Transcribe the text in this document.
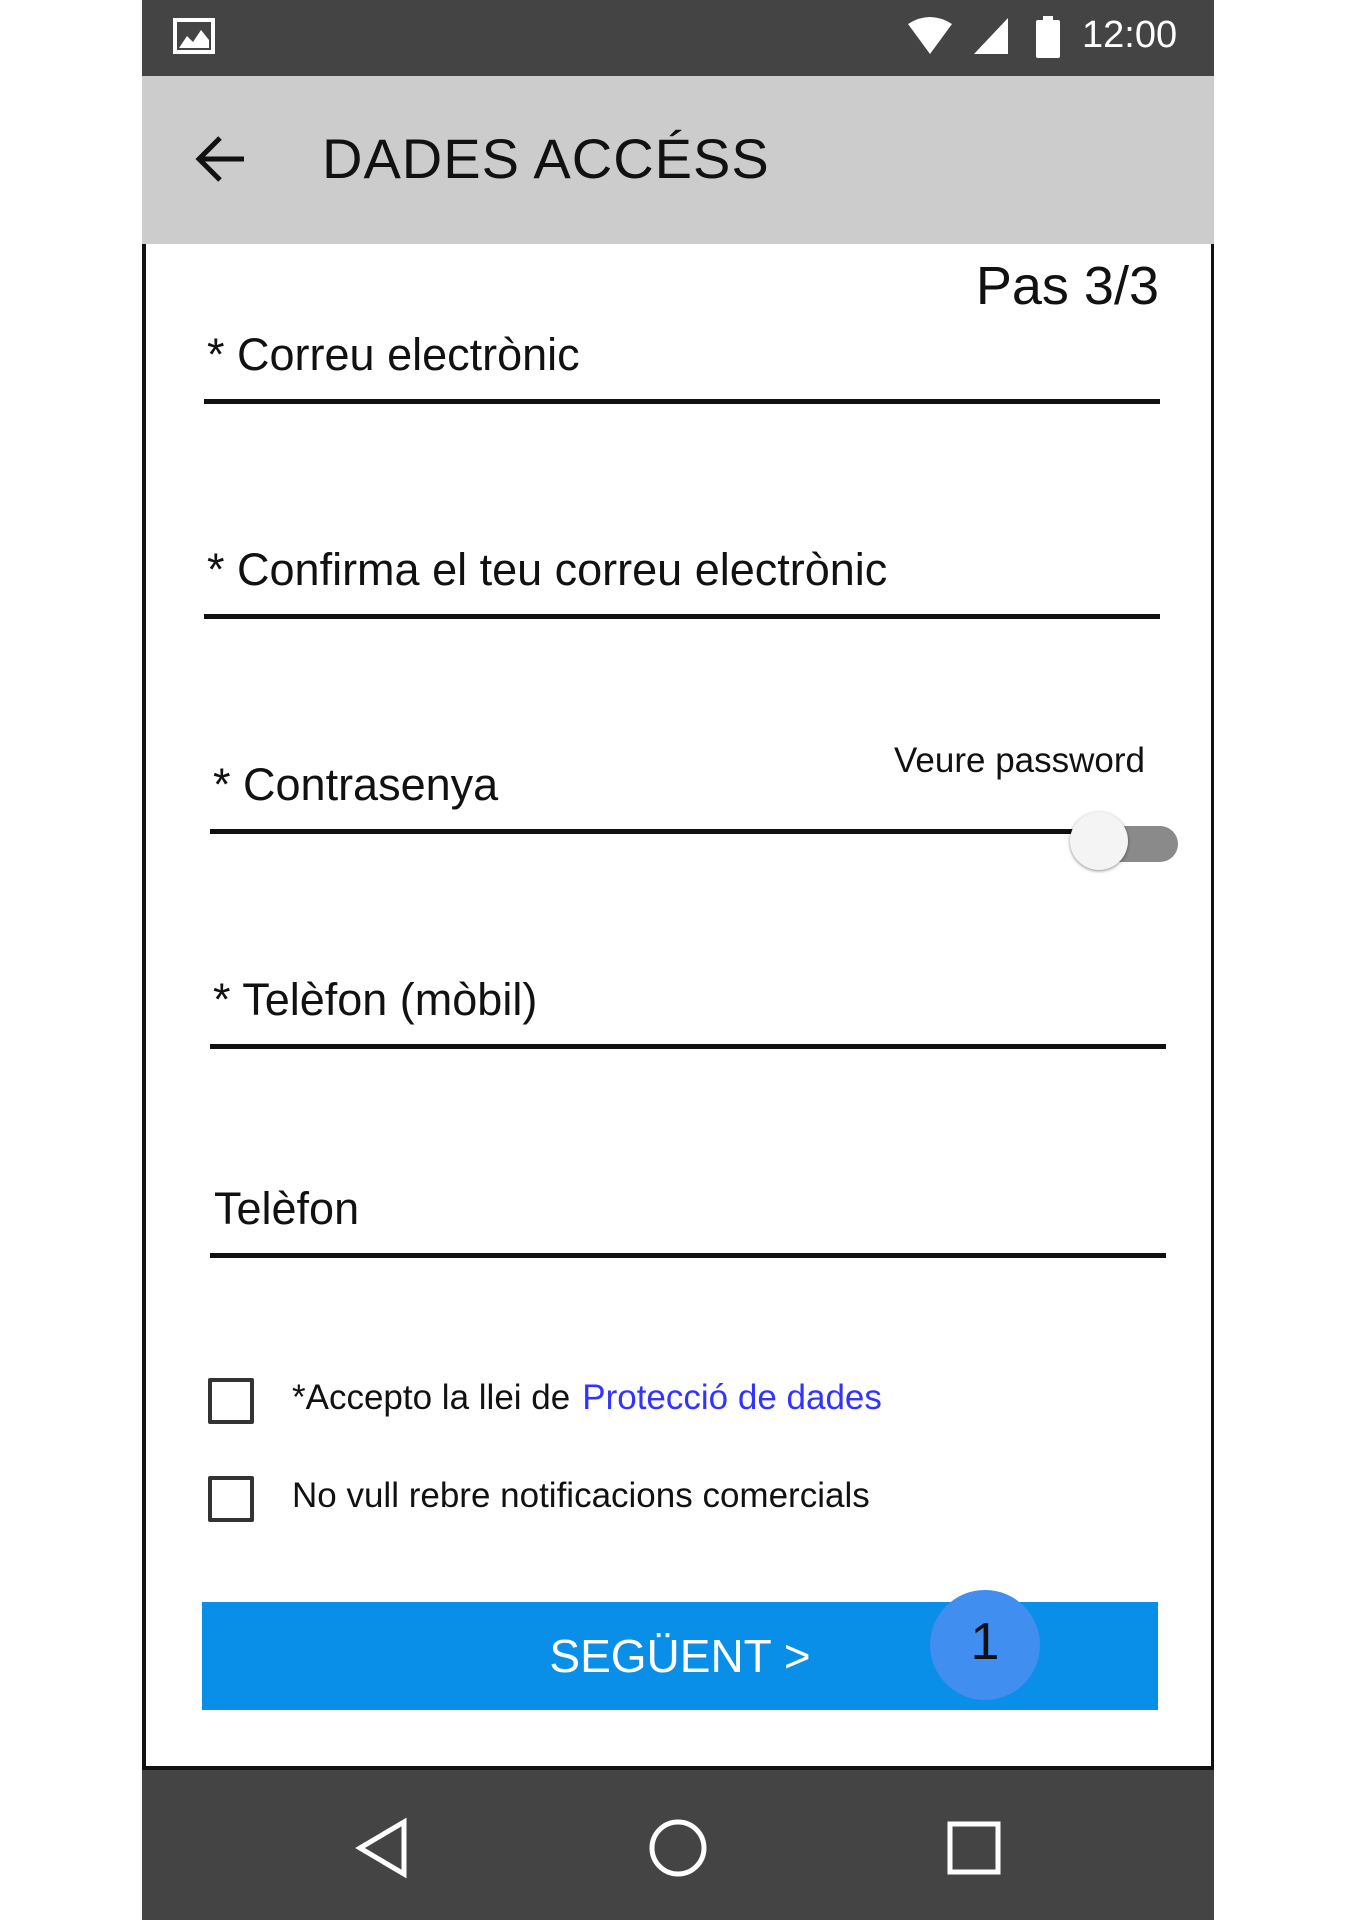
12:00
DADES ACCÉSS
Pas 3/3
* Correu electrònic
* Confirma el teu correu electrònic
* Contrasenya	Veure password
* Telèfon (mòbil)
Telèfon
*Accepto la llei de Protecció de dades
No vull rebre notificacions comercials
SEGÜENT >	1
